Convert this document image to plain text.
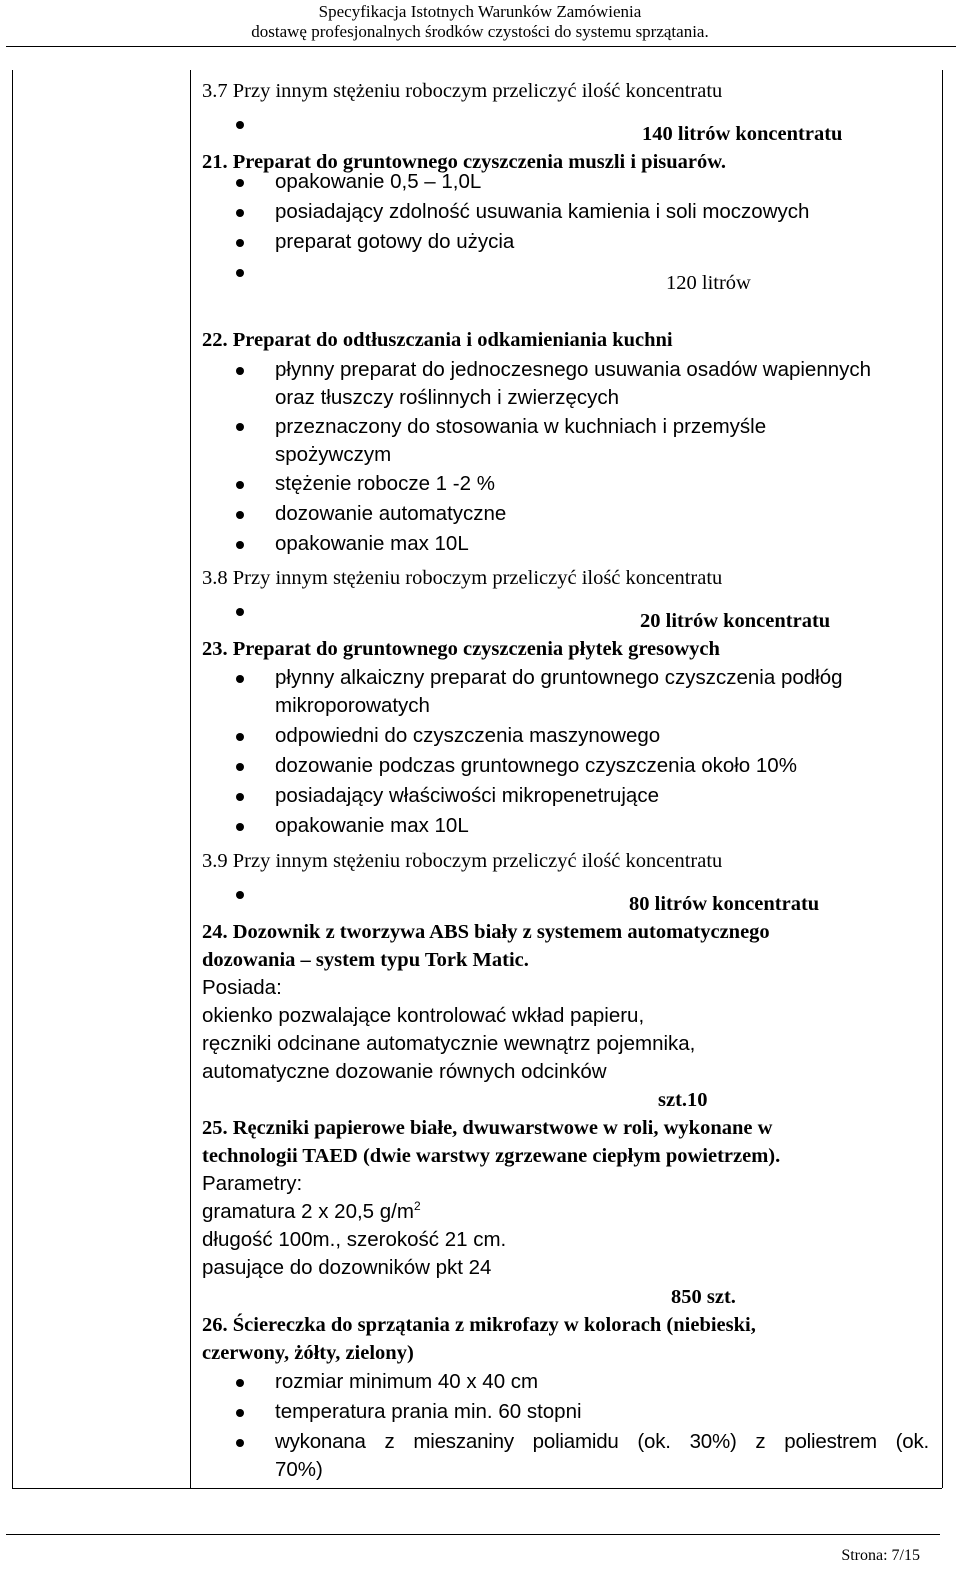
Specyfikacja Istotnych Warunków Zamówienia
dostawę profesjonalnych środków czystości do systemu sprzątania.
3.7 Przy innym stężeniu roboczym przeliczyć ilość koncentratu
140 litrów koncentratu
21. Preparat do gruntownego czyszczenia muszli i pisuarów.
opakowanie 0,5 – 1,0L
posiadający zdolność usuwania kamienia i soli moczowych
preparat gotowy do użycia
120 litrów
22. Preparat do odtłuszczania i odkamieniania kuchni
płynny preparat do jednoczesnego usuwania osadów wapiennych
oraz tłuszczy roślinnych i zwierzęcych
przeznaczony do stosowania w kuchniach i przemyśle
spożywczym
stężenie robocze 1 -2 %
dozowanie automatyczne
opakowanie max 10L
3.8 Przy innym stężeniu roboczym przeliczyć ilość koncentratu
20 litrów koncentratu
23. Preparat do gruntownego czyszczenia płytek gresowych
płynny alkaiczny preparat do gruntownego czyszczenia podłóg
mikroporowatych
odpowiedni do czyszczenia maszynowego
dozowanie podczas gruntownego czyszczenia około 10%
posiadający właściwości mikropenetrujące
opakowanie max 10L
3.9 Przy innym stężeniu roboczym przeliczyć ilość koncentratu
80 litrów koncentratu
24. Dozownik z tworzywa ABS biały z systemem automatycznego
dozowania – system typu Tork Matic.
Posiada:
okienko pozwalające kontrolować wkład papieru,
ręczniki odcinane automatycznie wewnątrz pojemnika,
automatyczne dozowanie równych odcinków
szt.10
25. Ręczniki papierowe białe, dwuwarstwowe w roli, wykonane w
technologii TAED (dwie warstwy zgrzewane ciepłym powietrzem).
Parametry:
gramatura 2 x 20,5 $g/m^2$
długość 100m., szerokość 21 cm.
pasujące do dozowników pkt 24
850 szt.
26. Ściereczka do sprzątania z mikrofazy w kolorach (niebieski,
czerwony, żółty, zielony)
rozmiar minimum 40 x 40 cm
temperatura prania min. 60 stopni
wykonana z mieszaniny poliamidu (ok. 30%) z poliestrem (ok.
70%)
Strona: 7/15
